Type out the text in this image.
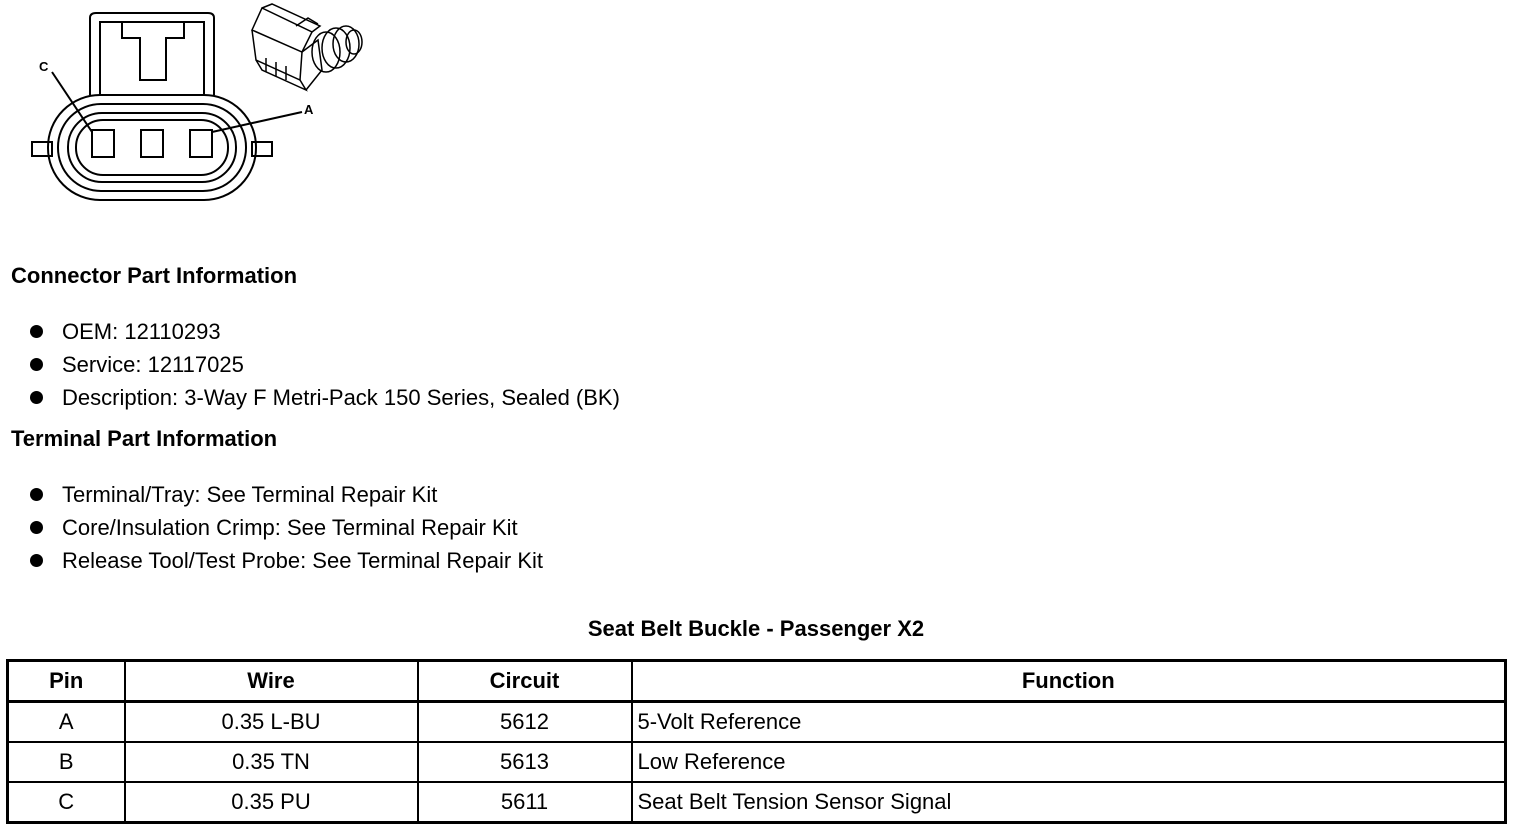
C
A
Connector Part Information
OEM: 12110293
Service: 12117025
Description: 3-Way F Metri-Pack 150 Series, Sealed (BK)
Terminal Part Information
Terminal/Tray: See Terminal Repair Kit
Core/Insulation Crimp: See Terminal Repair Kit
Release Tool/Test Probe: See Terminal Repair Kit
Seat Belt Buckle - Passenger X2
Pin	Wire	Circuit	Function
A	0.35 L-BU	5612	5-Volt Reference
B	0.35 TN	5613	Low Reference
C	0.35 PU	5611	Seat Belt Tension Sensor Signal
